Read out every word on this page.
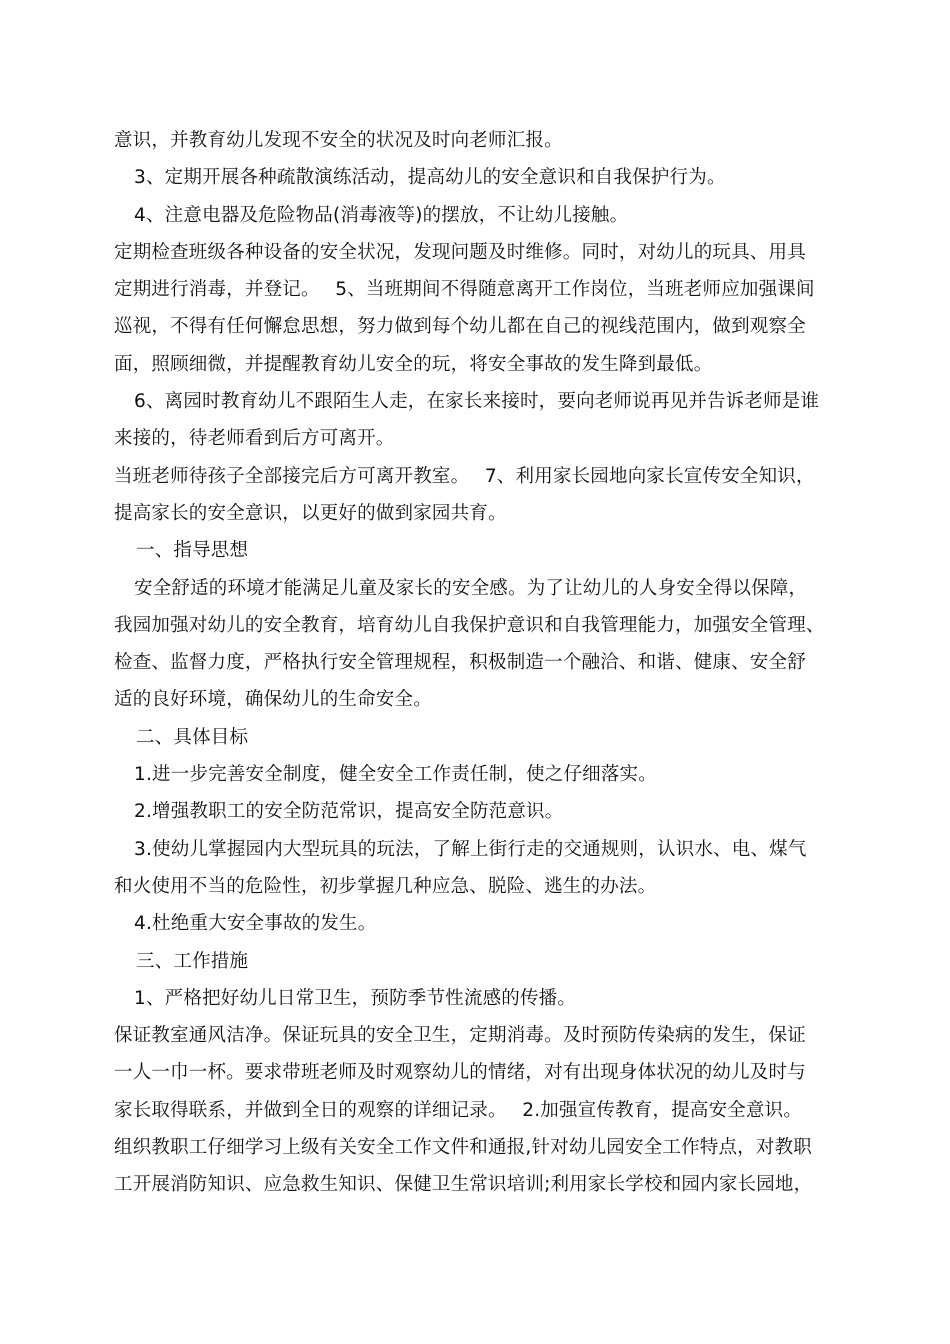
意识，并教育幼儿发现不安全的状况及时向老师汇报。
3、定期开展各种疏散演练活动，提高幼儿的安全意识和自我保护行为。
4、注意电器及危险物品(消毒液等)的摆放，不让幼儿接触。
定期检查班级各种设备的安全状况，发现问题及时维修。同时，对幼儿的玩具、用具
定期进行消毒，并登记。　 5、当班期间不得随意离开工作岗位，当班老师应加强课间
巡视，不得有任何懈怠思想，努力做到每个幼儿都在自己的视线范围内，做到观察全
面，照顾细微，并提醒教育幼儿安全的玩，将安全事故的发生降到最低。
6、离园时教育幼儿不跟陌生人走，在家长来接时，要向老师说再见并告诉老师是谁
来接的，待老师看到后方可离开。
当班老师待孩子全部接完后方可离开教室。　 7、利用家长园地向家长宣传安全知识，
提高家长的安全意识，以更好的做到家园共育。
一、指导思想
安全舒适的环境才能满足儿童及家长的安全感。为了让幼儿的人身安全得以保障，
我园加强对幼儿的安全教育，培育幼儿自我保护意识和自我管理能力，加强安全管理、
检查、监督力度，严格执行安全管理规程，积极制造一个融洽、和谐、健康、安全舒
适的良好环境，确保幼儿的生命安全。
二、具体目标
1.进一步完善安全制度，健全安全工作责任制，使之仔细落实。
2.增强教职工的安全防范常识，提高安全防范意识。
3.使幼儿掌握园内大型玩具的玩法，了解上街行走的交通规则，认识水、电、煤气
和火使用不当的危险性，初步掌握几种应急、脱险、逃生的办法。
4.杜绝重大安全事故的发生。
三、工作措施
1、严格把好幼儿日常卫生，预防季节性流感的传播。
保证教室通风洁净。保证玩具的安全卫生，定期消毒。及时预防传染病的发生，保证
一人一巾一杯。要求带班老师及时观察幼儿的情绪，对有出现身体状况的幼儿及时与
家长取得联系，并做到全日的观察的详细记录。　 2.加强宣传教育，提高安全意识。
组织教职工仔细学习上级有关安全工作文件和通报,针对幼儿园安全工作特点，对教职
工开展消防知识、应急救生知识、保健卫生常识培训;利用家长学校和园内家长园地，
